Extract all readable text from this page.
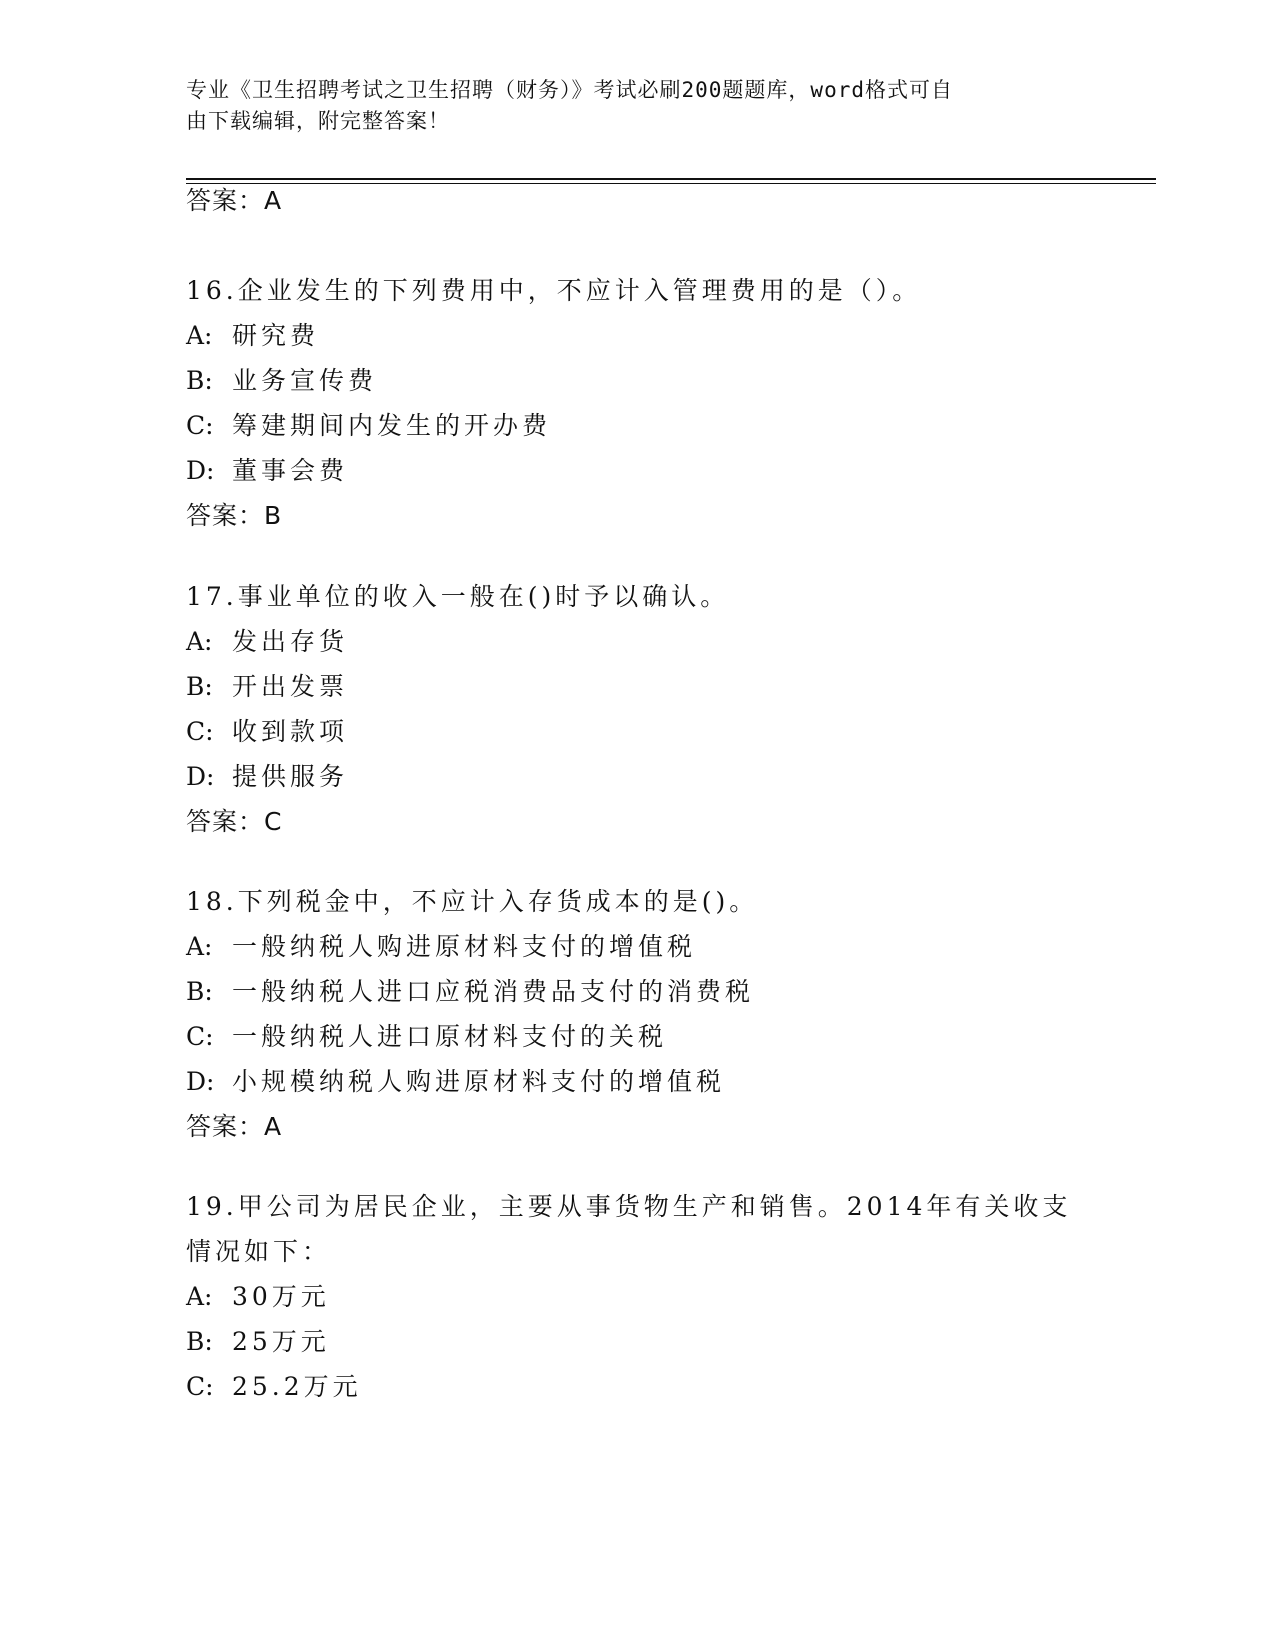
专业《卫生招聘考试之卫生招聘（财务）》考试必刷200题题库，word格式可自
由下载编辑，附完整答案！
答案：A
16.企业发生的下列费用中，不应计入管理费用的是（）。
A: 研究费
B: 业务宣传费
C: 筹建期间内发生的开办费
D: 董事会费
答案：B
17.事业单位的收入一般在()时予以确认。
A: 发出存货
B: 开出发票
C: 收到款项
D: 提供服务
答案：C
18.下列税金中，不应计入存货成本的是()。
A: 一般纳税人购进原材料支付的增值税
B: 一般纳税人进口应税消费品支付的消费税
C: 一般纳税人进口原材料支付的关税
D: 小规模纳税人购进原材料支付的增值税
答案：A
19.甲公司为居民企业，主要从事货物生产和销售。2014年有关收支情况如下：
A: 30万元
B: 25万元
C: 25.2万元
